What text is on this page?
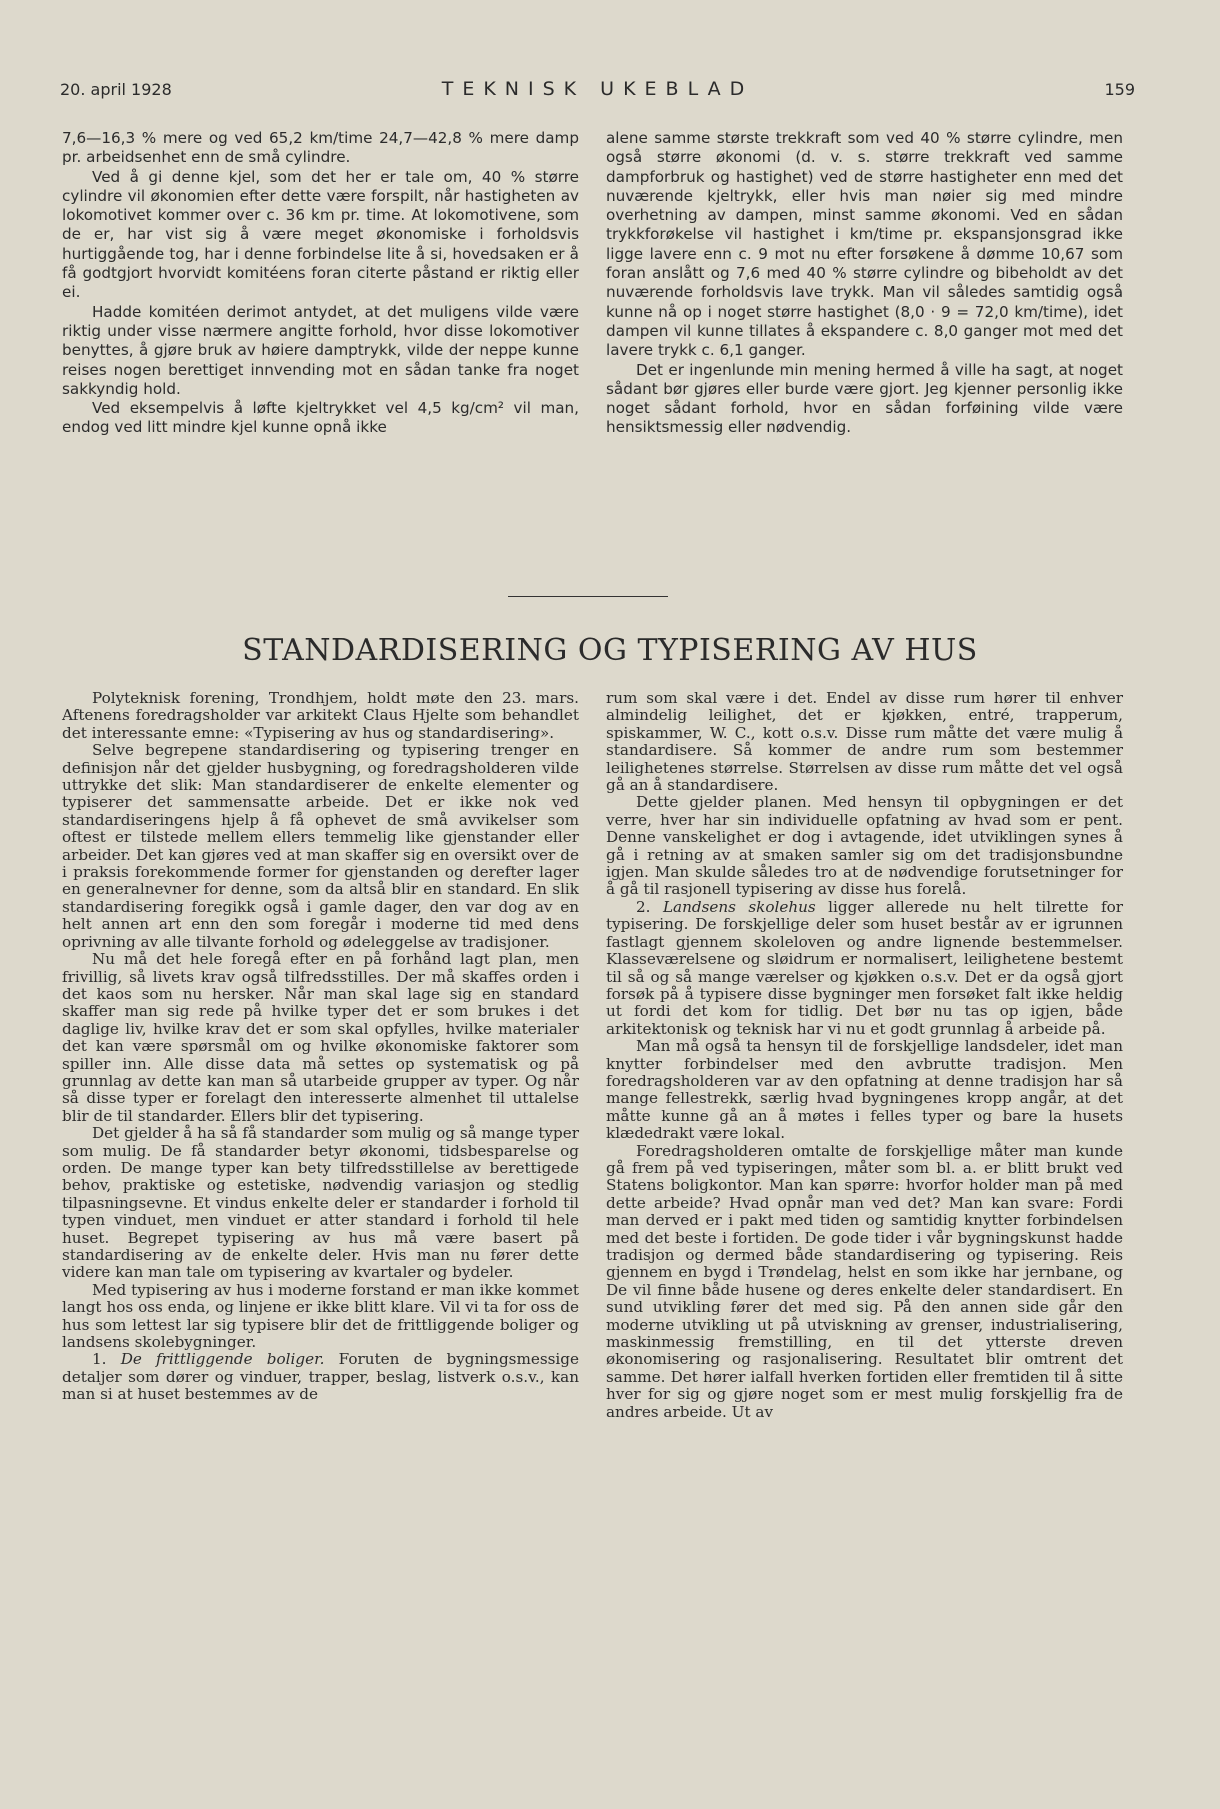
20. april 1928	TEKNISK UKEBLAD	159

7,6—16,3 % mere og ved 65,2 km/time 24,7—42,8 % mere damp pr. arbeidsenhet enn de små cylindre.

Ved å gi denne kjel, som det her er tale om, 40 % større cylindre vil økonomien efter dette være forspilt, når hastigheten av lokomotivet kommer over c. 36 km pr. time. At lokomotivene, som de er, har vist sig å være meget økonomiske i forholdsvis hurtiggående tog, har i denne forbindelse lite å si, hovedsaken er å få godtgjort hvorvidt komitéens foran citerte påstand er riktig eller ei.

Hadde komitéen derimot antydet, at det muligens vilde være riktig under visse nærmere angitte forhold, hvor disse lokomotiver benyttes, å gjøre bruk av høiere damptrykk, vilde der neppe kunne reises nogen berettiget innvending mot en sådan tanke fra noget sakkyndig hold.

Ved eksempelvis å løfte kjeltrykket vel 4,5 kg/cm² vil man, endog ved litt mindre kjel kunne opnå ikke

alene samme største trekkraft som ved 40 % større cylindre, men også større økonomi (d. v. s. større trekkraft ved samme dampforbruk og hastighet) ved de større hastigheter enn med det nuværende kjeltrykk, eller hvis man nøier sig med mindre overhetning av dampen, minst samme økonomi. Ved en sådan trykkforøkelse vil hastighet i km/time pr. ekspansjonsgrad ikke ligge lavere enn c. 9 mot nu efter forsøkene å dømme 10,67 som foran anslått og 7,6 med 40 % større cylindre og bibeholdt av det nuværende forholdsvis lave trykk. Man vil således samtidig også kunne nå op i noget større hastighet (8,0 · 9 = 72,0 km/time), idet dampen vil kunne tillates å ekspandere c. 8,0 ganger mot med det lavere trykk c. 6,1 ganger.

Det er ingenlunde min mening hermed å ville ha sagt, at noget sådant bør gjøres eller burde være gjort. Jeg kjenner personlig ikke noget sådant forhold, hvor en sådan forføining vilde være hensiktsmessig eller nødvendig.

STANDARDISERING OG TYPISERING AV HUS

Polyteknisk forening, Trondhjem, holdt møte den 23. mars. Aftenens foredragsholder var arkitekt Claus Hjelte som behandlet det interessante emne: «Typisering av hus og standardisering».

Selve begrepene standardisering og typisering trenger en definisjon når det gjelder husbygning, og foredragsholderen vilde uttrykke det slik: Man standardiserer de enkelte elementer og typiserer det sammensatte arbeide. Det er ikke nok ved standardiseringens hjelp å få ophevet de små avvikelser som oftest er tilstede mellem ellers temmelig like gjenstander eller arbeider. Det kan gjøres ved at man skaffer sig en oversikt over de i praksis forekommende former for gjenstanden og derefter lager en generalnevner for denne, som da altså blir en standard. En slik standardisering foregikk også i gamle dager, den var dog av en helt annen art enn den som foregår i moderne tid med dens oprivning av alle tilvante forhold og ødeleggelse av tradisjoner.

Nu må det hele foregå efter en på forhånd lagt plan, men frivillig, så livets krav også tilfredsstilles. Der må skaffes orden i det kaos som nu hersker. Når man skal lage sig en standard skaffer man sig rede på hvilke typer det er som brukes i det daglige liv, hvilke krav det er som skal opfylles, hvilke materialer det kan være spørsmål om og hvilke økonomiske faktorer som spiller inn. Alle disse data må settes op systematisk og på grunnlag av dette kan man så utarbeide grupper av typer. Og når så disse typer er forelagt den interesserte almenhet til uttalelse blir de til standarder. Ellers blir det typisering.

Det gjelder å ha så få standarder som mulig og så mange typer som mulig. De få standarder betyr økonomi, tidsbesparelse og orden. De mange typer kan bety tilfredsstillelse av berettigede behov, praktiske og estetiske, nødvendig variasjon og stedlig tilpasningsevne. Et vindus enkelte deler er standarder i forhold til typen vinduet, men vinduet er atter standard i forhold til hele huset. Begrepet typisering av hus må være basert på standardisering av de enkelte deler. Hvis man nu fører dette videre kan man tale om typisering av kvartaler og bydeler.

Med typisering av hus i moderne forstand er man ikke kommet langt hos oss enda, og linjene er ikke blitt klare. Vil vi ta for oss de hus som lettest lar sig typisere blir det de frittliggende boliger og landsens skolebygninger.

1. De frittliggende boliger. Foruten de bygningsmessige detaljer som dører og vinduer, trapper, beslag, listverk o.s.v., kan man si at huset bestemmes av de

rum som skal være i det. Endel av disse rum hører til enhver almindelig leilighet, det er kjøkken, entré, trapperum, spiskammer, W. C., kott o.s.v. Disse rum måtte det være mulig å standardisere. Så kommer de andre rum som bestemmer leilighetenes størrelse. Størrelsen av disse rum måtte det vel også gå an å standardisere.

Dette gjelder planen. Med hensyn til opbygningen er det verre, hver har sin individuelle opfatning av hvad som er pent. Denne vanskelighet er dog i avtagende, idet utviklingen synes å gå i retning av at smaken samler sig om det tradisjonsbundne igjen. Man skulde således tro at de nødvendige forutsetninger for å gå til rasjonell typisering av disse hus forelå.

2. Landsens skolehus ligger allerede nu helt tilrette for typisering. De forskjellige deler som huset består av er igrunnen fastlagt gjennem skoleloven og andre lignende bestemmelser. Klasseværelsene og sløidrum er normalisert, leilighetene bestemt til så og så mange værelser og kjøkken o.s.v. Det er da også gjort forsøk på å typisere disse bygninger men forsøket falt ikke heldig ut fordi det kom for tidlig. Det bør nu tas op igjen, både arkitektonisk og teknisk har vi nu et godt grunnlag å arbeide på.

Man må også ta hensyn til de forskjellige landsdeler, idet man knytter forbindelser med den avbrutte tradisjon. Men foredragsholderen var av den opfatning at denne tradisjon har så mange fellestrekk, særlig hvad bygningenes kropp angår, at det måtte kunne gå an å møtes i felles typer og bare la husets klædedrakt være lokal.

Foredragsholderen omtalte de forskjellige måter man kunde gå frem på ved typiseringen, måter som bl. a. er blitt brukt ved Statens boligkontor. Man kan spørre: hvorfor holder man på med dette arbeide? Hvad opnår man ved det? Man kan svare: Fordi man derved er i pakt med tiden og samtidig knytter forbindelsen med det beste i fortiden. De gode tider i vår bygningskunst hadde tradisjon og dermed både standardisering og typisering. Reis gjennem en bygd i Trøndelag, helst en som ikke har jernbane, og De vil finne både husene og deres enkelte deler standardisert. En sund utvikling fører det med sig. På den annen side går den moderne utvikling ut på utviskning av grenser, industrialisering, maskinmessig fremstilling, en til det ytterste dreven økonomisering og rasjonalisering. Resultatet blir omtrent det samme. Det hører ialfall hverken fortiden eller fremtiden til å sitte hver for sig og gjøre noget som er mest mulig forskjellig fra de andres arbeide. Ut av
